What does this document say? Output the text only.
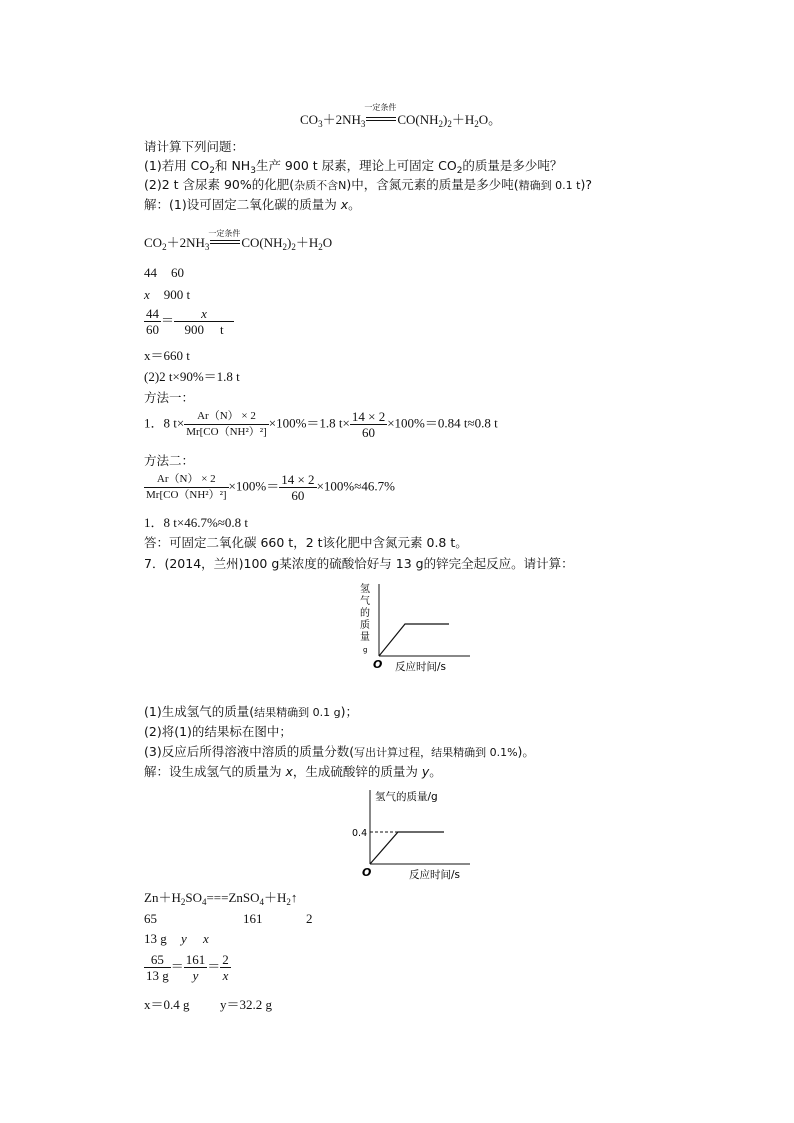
$CO_3+2NH_3$
一定条件
$CO(NH_2)_2+H_2O$。
请计算下列问题：
(1)若用 $CO_2$和 $NH_3$生产 900 t 尿素，理论上可固定 $CO_2$的质量是多少吨？
(2)2 t 含尿素 90%的化肥(杂质不含N)中，含氮元素的质量是多少吨(精确到 0.1 t)?
解：(1)设可固定二氧化碳的质量为 x。
$CO_2+2NH_3$
一定条件
$CO(NH_2)_2+H_2O$
44 60
x 900 t
$\frac{44}{60} = \frac{x}{900 t}$
x＝660 t
(2)2 t×90%＝1.8 t
方法一：
1．8 $t\times \frac{Ar(N) \times 2}{\text{Mr[CO（NH²）²]}} \times 100\%=1.8$ $t\times \frac{14 \times 2}{60} \times 100\%=0.84$ t≈0.8 t
方法二：
$\frac{Ar(N) \times 2}{\text{Mr[CO（NH²）²]}} \times 100\%= \frac{14 \times 2}{60} \times 100\%\approx 46.7\%$
1．8 t×46.7%≈0.8 t
答：可固定二氧化碳 660 t，2 t该化肥中含氮元素 0.8 t。
7．(2014，兰州)100 g某浓度的硫酸恰好与 13 g的锌完全起反应。请计算：
氢
气
的
质
量
g
O 反应时间/s
(1)生成氢气的质量(结果精确到 0.1 g)；
(2)将(1)的结果标在图中；
(3)反应后所得溶液中溶质的质量分数(写出计算过程，结果精确到 0.1%)。
解：设生成氢气的质量为 x，生成硫酸锌的质量为 y。
氢气的质量/g
0.4
O	反应时间/s
$Zn+H_2SO_4===ZnSO_4+H_2↑$
65	161	2
13 g y x
$\frac{65}{13 g} = \frac{161}{y} = \frac{2}{x}$
x＝0.4 g y＝32.2 g
